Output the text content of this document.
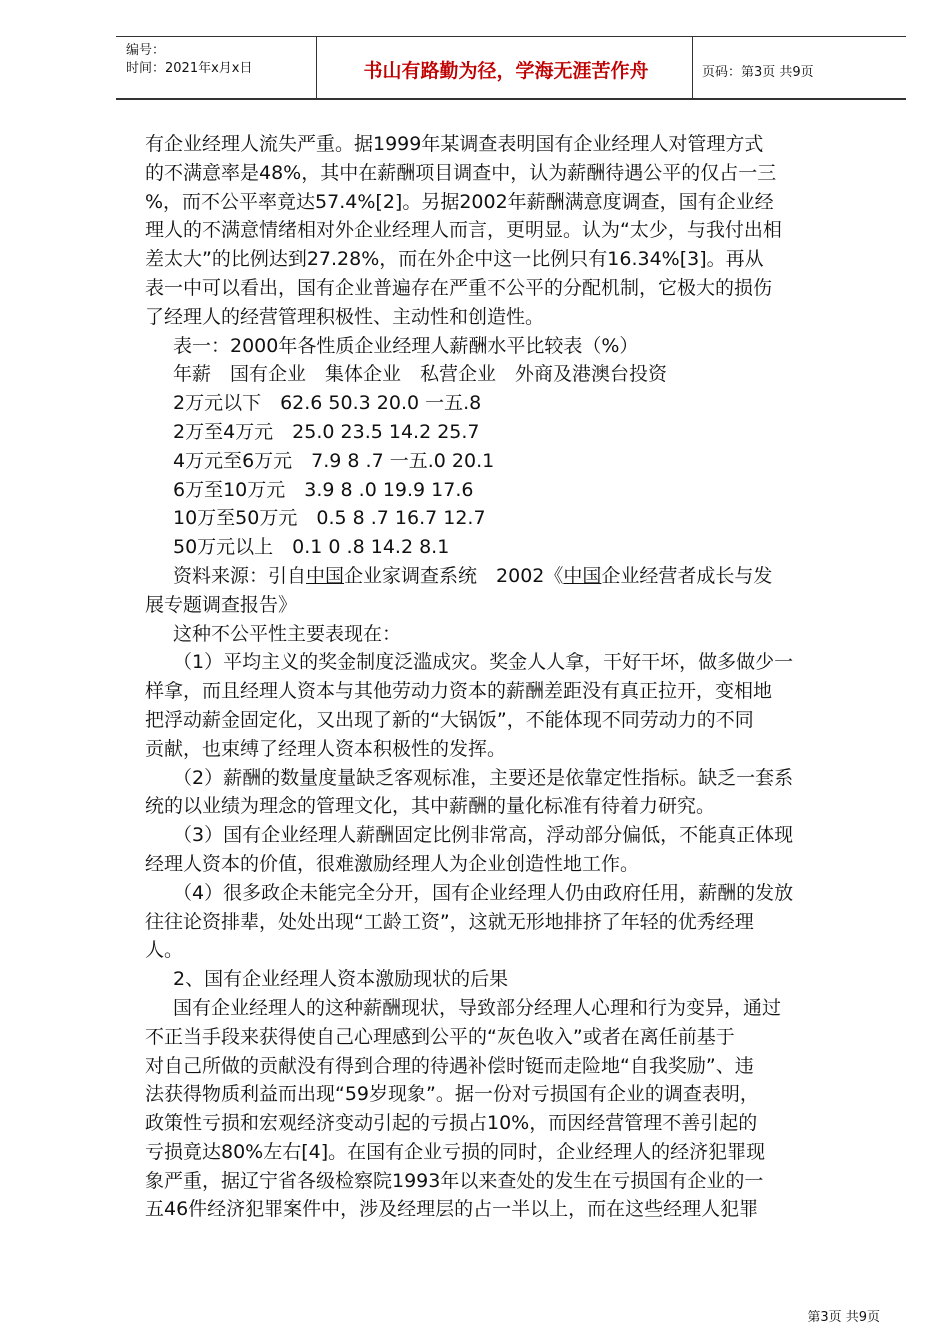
编号：
时间：2021年x月x日	书山有路勤为径，学海无涯苦作舟	页码：第3页 共9页
有企业经理人流失严重。据1999年某调查表明国有企业经理人对管理方式
的不满意率是48%，其中在薪酬项目调查中，认为薪酬待遇公平的仅占一三
%，而不公平率竟达57.4%[2]。另据2002年薪酬满意度调查，国有企业经
理人的不满意情绪相对外企业经理人而言，更明显。认为“太少，与我付出相
差太大”的比例达到27.28%，而在外企中这一比例只有16.34%[3]。再从
表一中可以看出，国有企业普遍存在严重不公平的分配机制，它极大的损伤
了经理人的经营管理积极性、主动性和创造性。
表一：2000年各性质企业经理人薪酬水平比较表（%）
年薪　国有企业　集体企业　私营企业　外商及港澳台投资
2万元以下　62.6 50.3 20.0 一五.8
2万至4万元　25.0 23.5 14.2 25.7
4万元至6万元　7.9 8 .7 一五.0 20.1
6万至10万元　3.9 8 .0 19.9 17.6
10万至50万元　0.5 8 .7 16.7 12.7
50万元以上　0.1 0 .8 14.2 8.1
资料来源：引自中国企业家调查系统　2002《中国企业经营者成长与发
展专题调查报告》
这种不公平性主要表现在：
（1）平均主义的奖金制度泛滥成灾。奖金人人拿，干好干坏，做多做少一
样拿，而且经理人资本与其他劳动力资本的薪酬差距没有真正拉开，变相地
把浮动薪金固定化，又出现了新的“大锅饭”，不能体现不同劳动力的不同
贡献，也束缚了经理人资本积极性的发挥。
（2）薪酬的数量度量缺乏客观标准，主要还是依靠定性指标。缺乏一套系
统的以业绩为理念的管理文化，其中薪酬的量化标准有待着力研究。
（3）国有企业经理人薪酬固定比例非常高，浮动部分偏低，不能真正体现
经理人资本的价值，很难激励经理人为企业创造性地工作。
（4）很多政企未能完全分开，国有企业经理人仍由政府任用，薪酬的发放
往往论资排辈，处处出现“工龄工资”，这就无形地排挤了年轻的优秀经理
人。
2、国有企业经理人资本激励现状的后果
国有企业经理人的这种薪酬现状，导致部分经理人心理和行为变异，通过
不正当手段来获得使自己心理感到公平的“灰色收入”或者在离任前基于
对自己所做的贡献没有得到合理的待遇补偿时铤而走险地“自我奖励”、违
法获得物质利益而出现“59岁现象”。据一份对亏损国有企业的调查表明，
政策性亏损和宏观经济变动引起的亏损占10%，而因经营管理不善引起的
亏损竟达80%左右[4]。在国有企业亏损的同时，企业经理人的经济犯罪现
象严重，据辽宁省各级检察院1993年以来查处的发生在亏损国有企业的一
五46件经济犯罪案件中，涉及经理层的占一半以上，而在这些经理人犯罪
第3页 共9页
